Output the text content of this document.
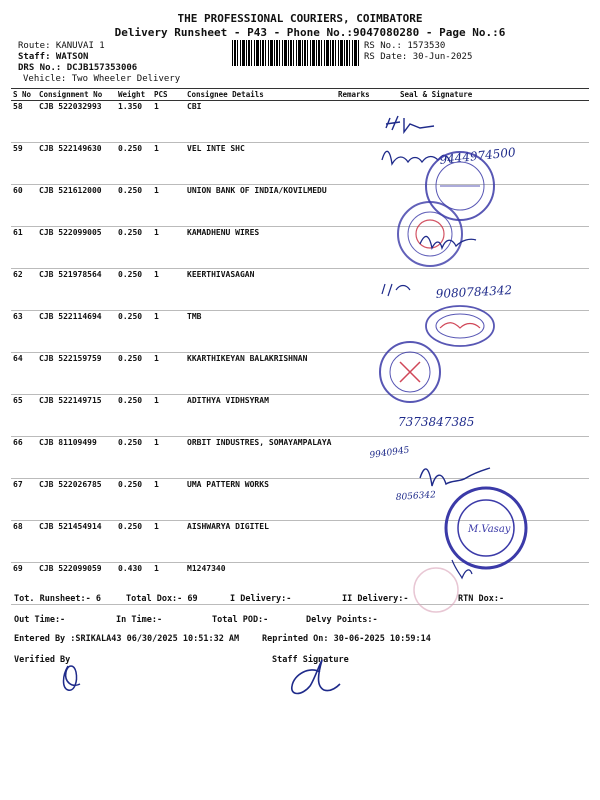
THE PROFESSIONAL COURIERS, COIMBATORE
Delivery Runsheet - P43 - Phone No.:9047080280 - Page No.:6
Route: KANUVAI 1
Staff: WATSON
DRS No.: DCJB157353006
Vehicle: Two Wheeler Delivery
RS No.: 1573530
RS Date: 30-Jun-2025
S No	Consignment No	Weight	PCS	Consignee Details	Remarks	Seal & Signature
58	CJB 522032993	1.350	1	CBI		
59	CJB 522149630	0.250	1	VEL INTE SHC		
60	CJB 521612000	0.250	1	UNION BANK OF INDIA/KOVILMEDU		
61	CJB 522099005	0.250	1	KAMADHENU WIRES		
62	CJB 521978564	0.250	1	KEERTHIVASAGAN		
63	CJB 522114694	0.250	1	TMB		
64	CJB 522159759	0.250	1	KKARTHIKEYAN BALAKRISHNAN		
65	CJB 522149715	0.250	1	ADITHYA VIDHSYRAM		
66	CJB 81109499	0.250	1	ORBIT INDUSTRES, SOMAYAMPALAYA		
67	CJB 522026785	0.250	1	UMA PATTERN WORKS		
68	CJB 521454914	0.250	1	AISHWARYA DIGITEL		
69	CJB 522099059	0.430	1	M1247340		
Tot. Runsheet:- 6	Total Dox:- 69	I Delivery:-	II Delivery:-	RTN Dox:-
Out Time:-	In Time:-	Total POD:-	Delvy Points:-
Entered By :SRIKALA43 06/30/2025 10:51:32 AM	Reprinted On: 30-06-2025 10:59:14
Verified By	Staff Signature
9444974500
9080784342
7373847385
9940945
8056342
M.Vasay
